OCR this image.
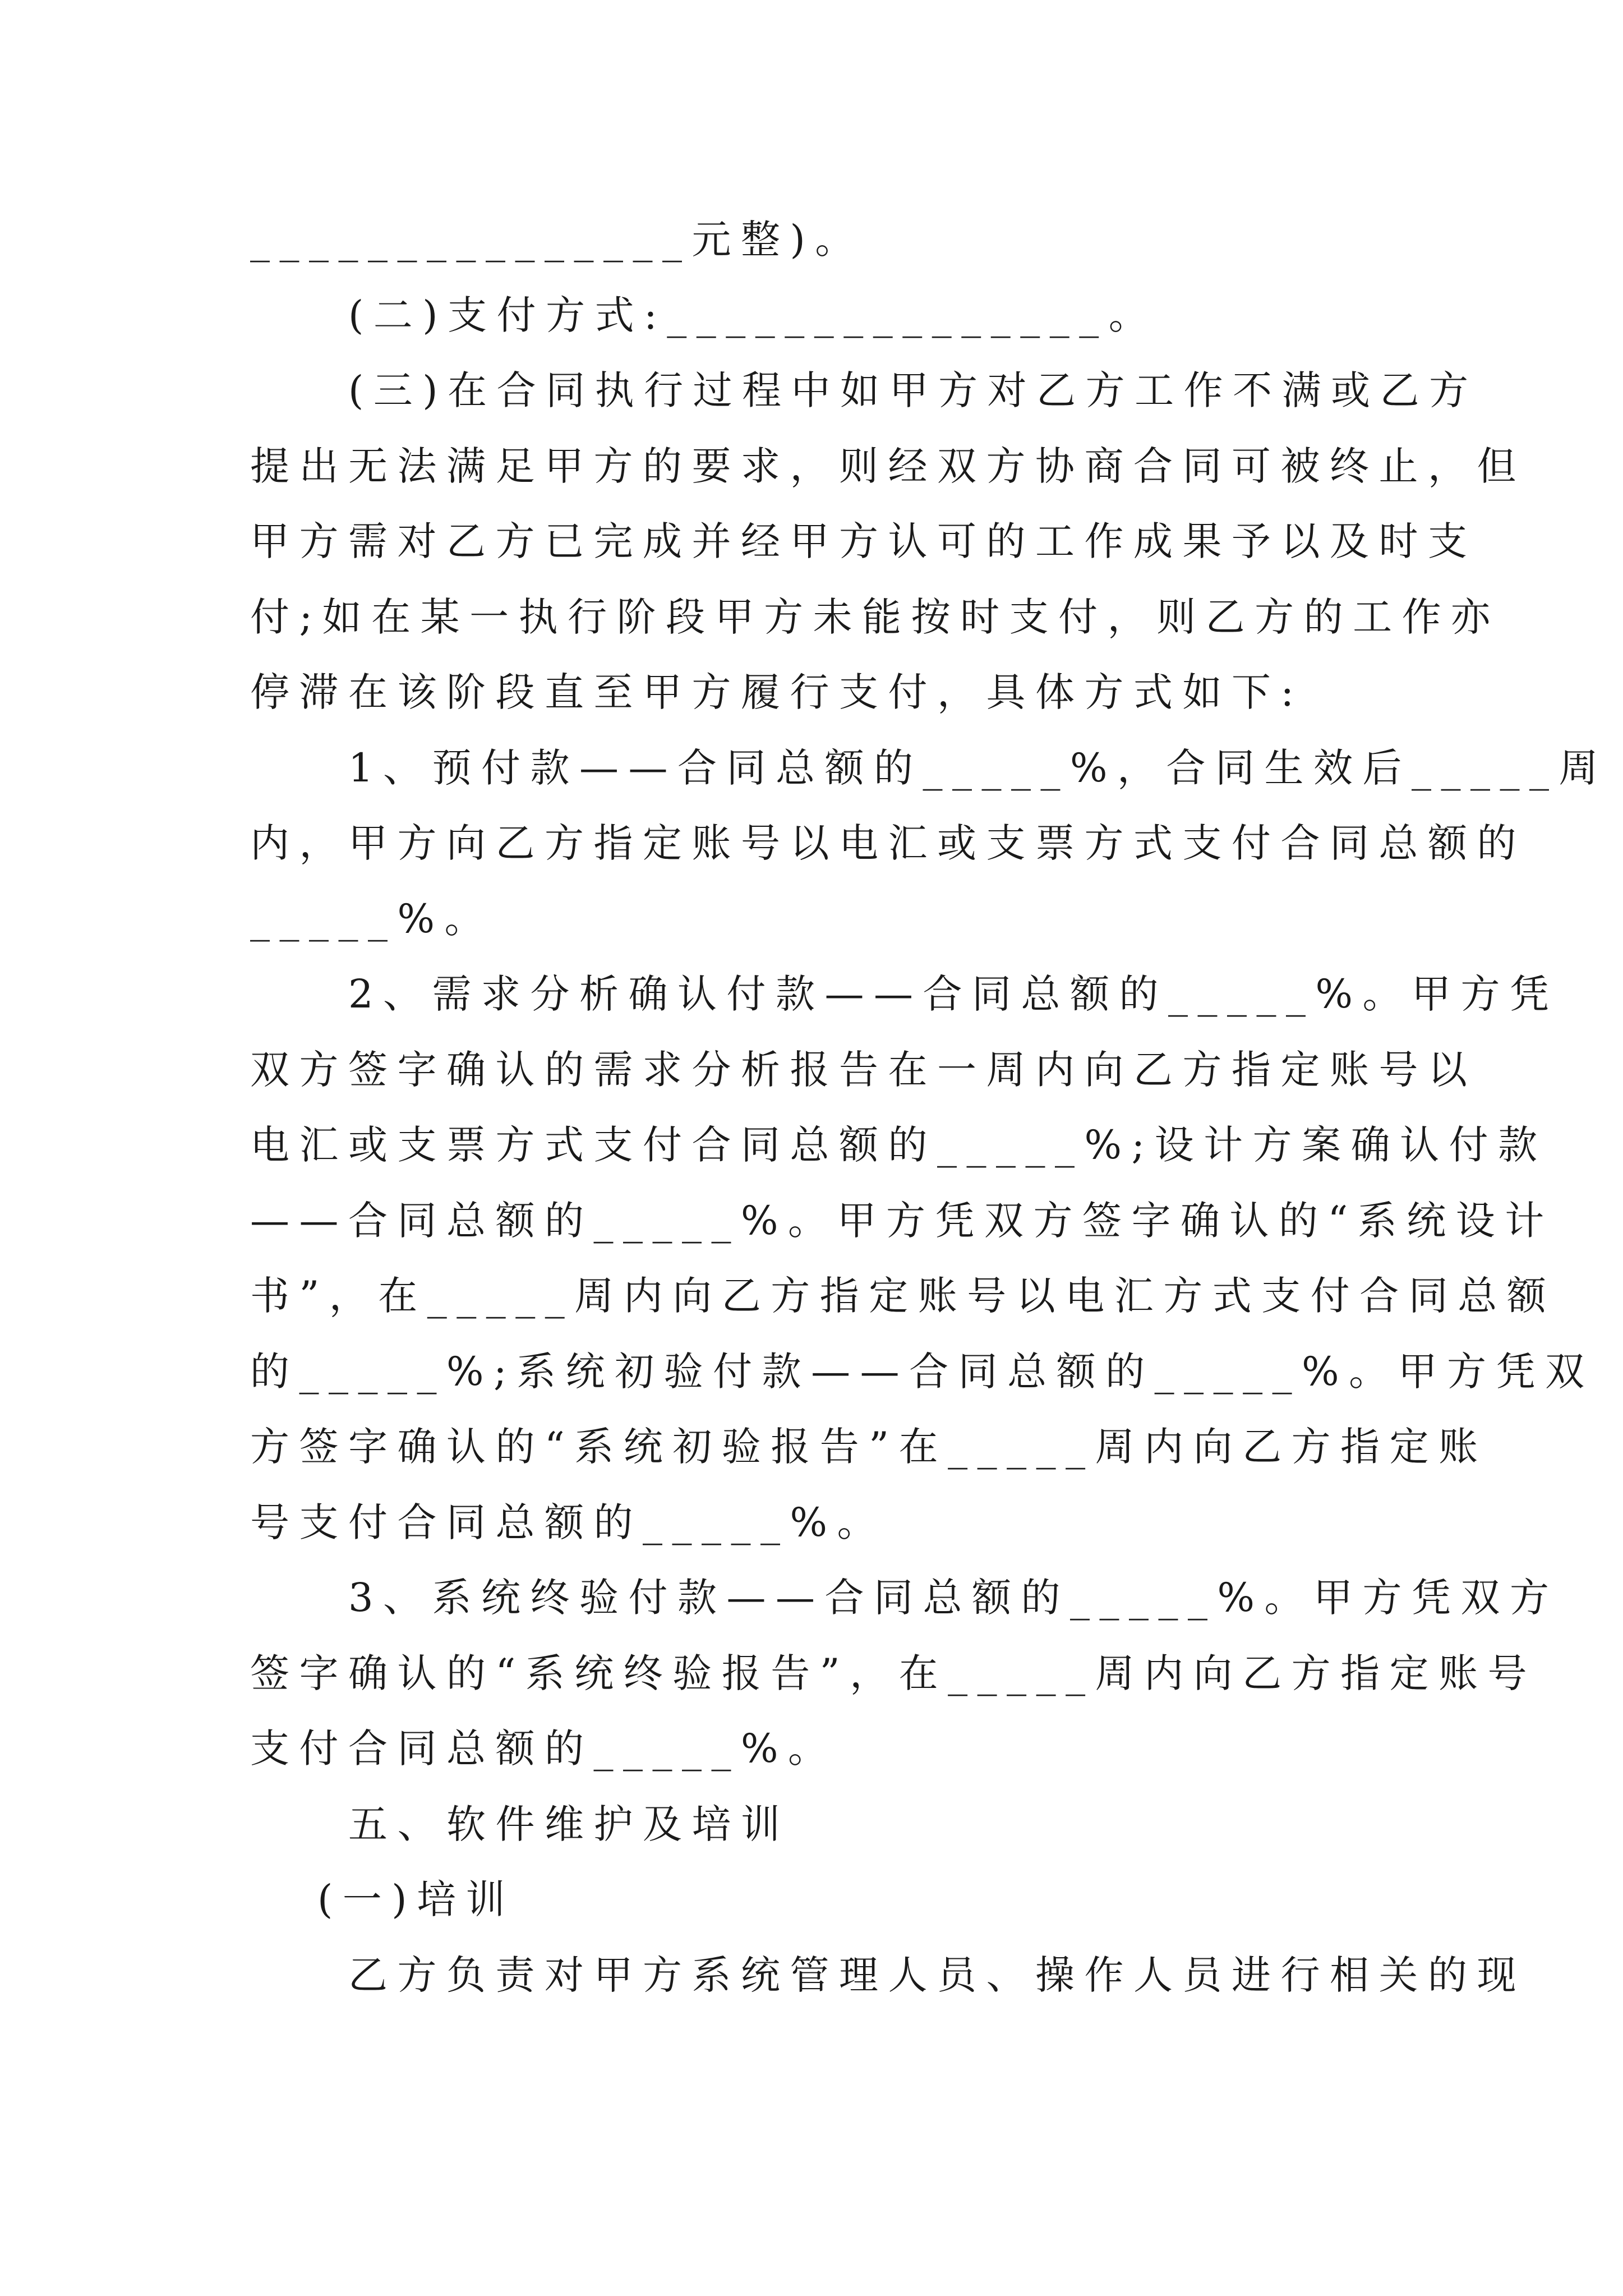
_______________元整)。
(二)支付方式:_______________。
(三)在合同执行过程中如甲方对乙方工作不满或乙方
提出无法满足甲方的要求，则经双方协商合同可被终止，但
甲方需对乙方已完成并经甲方认可的工作成果予以及时支
付;如在某一执行阶段甲方未能按时支付，则乙方的工作亦
停滞在该阶段直至甲方履行支付，具体方式如下:
1、预付款——合同总额的_____%，合同生效后_____周
内，甲方向乙方指定账号以电汇或支票方式支付合同总额的
_____%。
2、需求分析确认付款——合同总额的_____%。甲方凭
双方签字确认的需求分析报告在一周内向乙方指定账号以
电汇或支票方式支付合同总额的_____%;设计方案确认付款
——合同总额的_____%。甲方凭双方签字确认的“系统设计
书”，在_____周内向乙方指定账号以电汇方式支付合同总额
的_____%;系统初验付款——合同总额的_____%。甲方凭双
方签字确认的“系统初验报告”在_____周内向乙方指定账
号支付合同总额的_____%。
3、系统终验付款——合同总额的_____%。甲方凭双方
签字确认的“系统终验报告”，在_____周内向乙方指定账号
支付合同总额的_____%。
五、软件维护及培训
(一)培训
乙方负责对甲方系统管理人员、操作人员进行相关的现
